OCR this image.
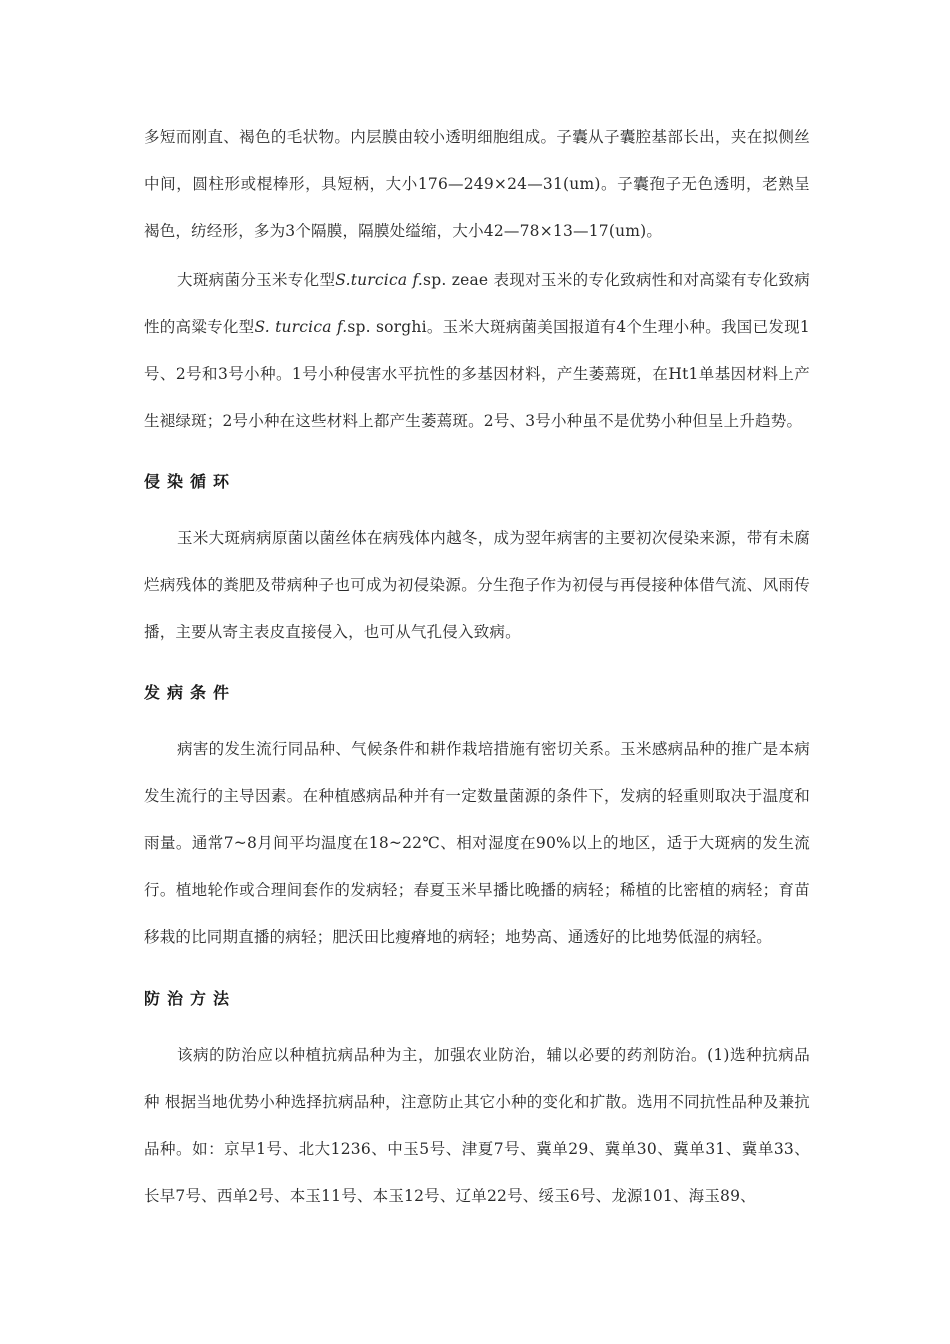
多短而刚直、褐色的毛状物。内层膜由较小透明细胞组成。子囊从子囊腔基部长出，夹在拟侧丝中间，圆柱形或棍棒形，具短柄，大小176—249×24—31(um)。子囊孢子无色透明，老熟呈褐色，纺经形，多为3个隔膜，隔膜处缢缩，大小42—78×13—17(um)。

大斑病菌分玉米专化型S.turcica f.sp. zeae 表现对玉米的专化致病性和对高粱有专化致病性的高粱专化型S. turcica f.sp. sorghi。玉米大斑病菌美国报道有4个生理小种。我国已发现1号、2号和3号小种。1号小种侵害水平抗性的多基因材料，产生萎蔫斑，在Ht1单基因材料上产生褪绿斑；2号小种在这些材料上都产生萎蔫斑。2号、3号小种虽不是优势小种但呈上升趋势。

侵染循环

玉米大斑病病原菌以菌丝体在病残体内越冬，成为翌年病害的主要初次侵染来源，带有未腐烂病残体的粪肥及带病种子也可成为初侵染源。分生孢子作为初侵与再侵接种体借气流、风雨传播，主要从寄主表皮直接侵入，也可从气孔侵入致病。

发病条件

病害的发生流行同品种、气候条件和耕作栽培措施有密切关系。玉米感病品种的推广是本病发生流行的主导因素。在种植感病品种并有一定数量菌源的条件下，发病的轻重则取决于温度和雨量。通常7~8月间平均温度在18~22℃、相对湿度在90%以上的地区，适于大斑病的发生流行。植地轮作或合理间套作的发病轻；春夏玉米早播比晚播的病轻；稀植的比密植的病轻；育苗移栽的比同期直播的病轻；肥沃田比瘦瘠地的病轻；地势高、通透好的比地势低湿的病轻。

防治方法

该病的防治应以种植抗病品种为主，加强农业防治，辅以必要的药剂防治。(1)选种抗病品种 根据当地优势小种选择抗病品种，注意防止其它小种的变化和扩散。选用不同抗性品种及兼抗品种。如：京早1号、北大1236、中玉5号、津夏7号、冀单29、冀单30、冀单31、冀单33、长早7号、西单2号、本玉11号、本玉12号、辽单22号、绥玉6号、龙源101、海玉89、
